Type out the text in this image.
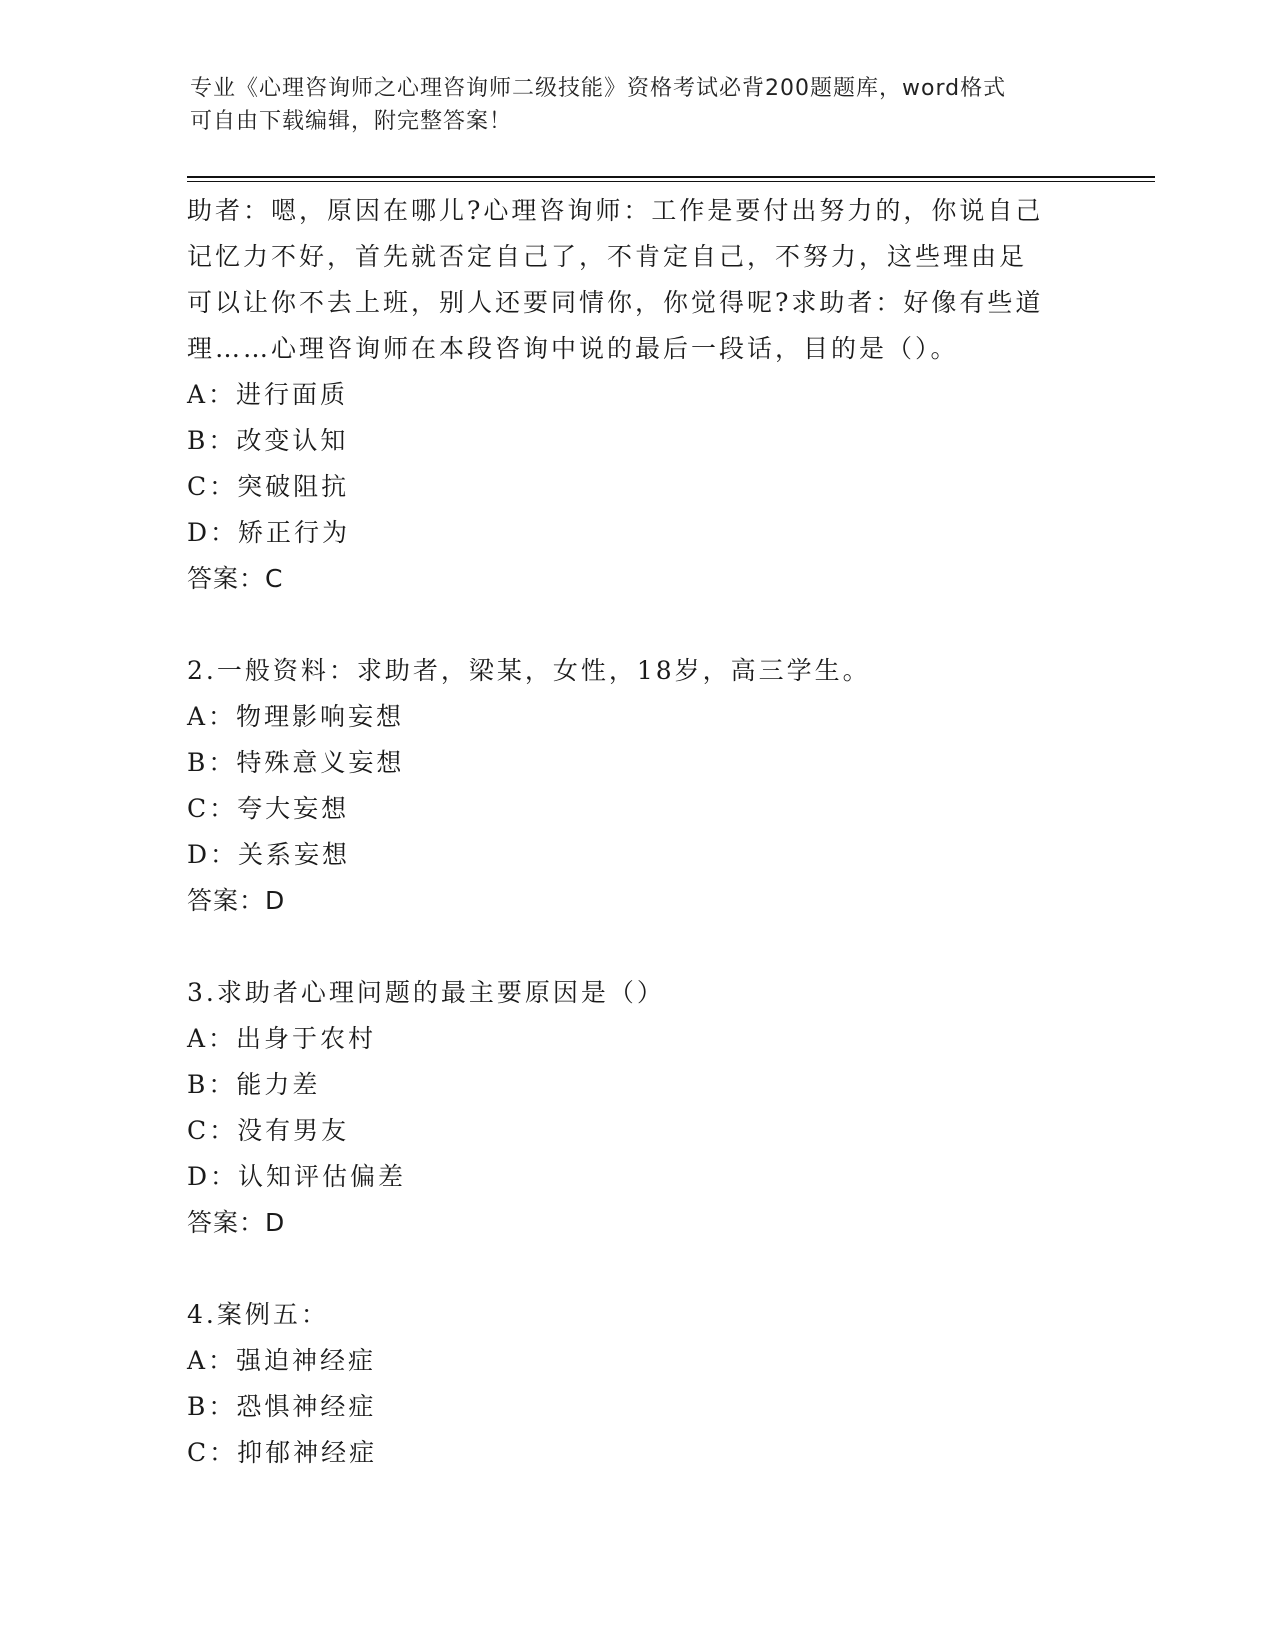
专业《心理咨询师之心理咨询师二级技能》资格考试必背200题题库，word格式
可自由下载编辑，附完整答案！
助者：嗯，原因在哪儿?心理咨询师：工作是要付出努力的，你说自己
记忆力不好，首先就否定自己了，不肯定自己，不努力，这些理由足
可以让你不去上班，别人还要同情你，你觉得呢?求助者：好像有些道
理……心理咨询师在本段咨询中说的最后一段话，目的是（）。
A：进行面质
B：改变认知
C：突破阻抗
D：矫正行为
答案：C
2.一般资料：求助者，梁某，女性，18岁，高三学生。
A：物理影响妄想
B：特殊意义妄想
C：夸大妄想
D：关系妄想
答案：D
3.求助者心理问题的最主要原因是（）
A：出身于农村
B：能力差
C：没有男友
D：认知评估偏差
答案：D
4.案例五：
A：强迫神经症
B：恐惧神经症
C：抑郁神经症
